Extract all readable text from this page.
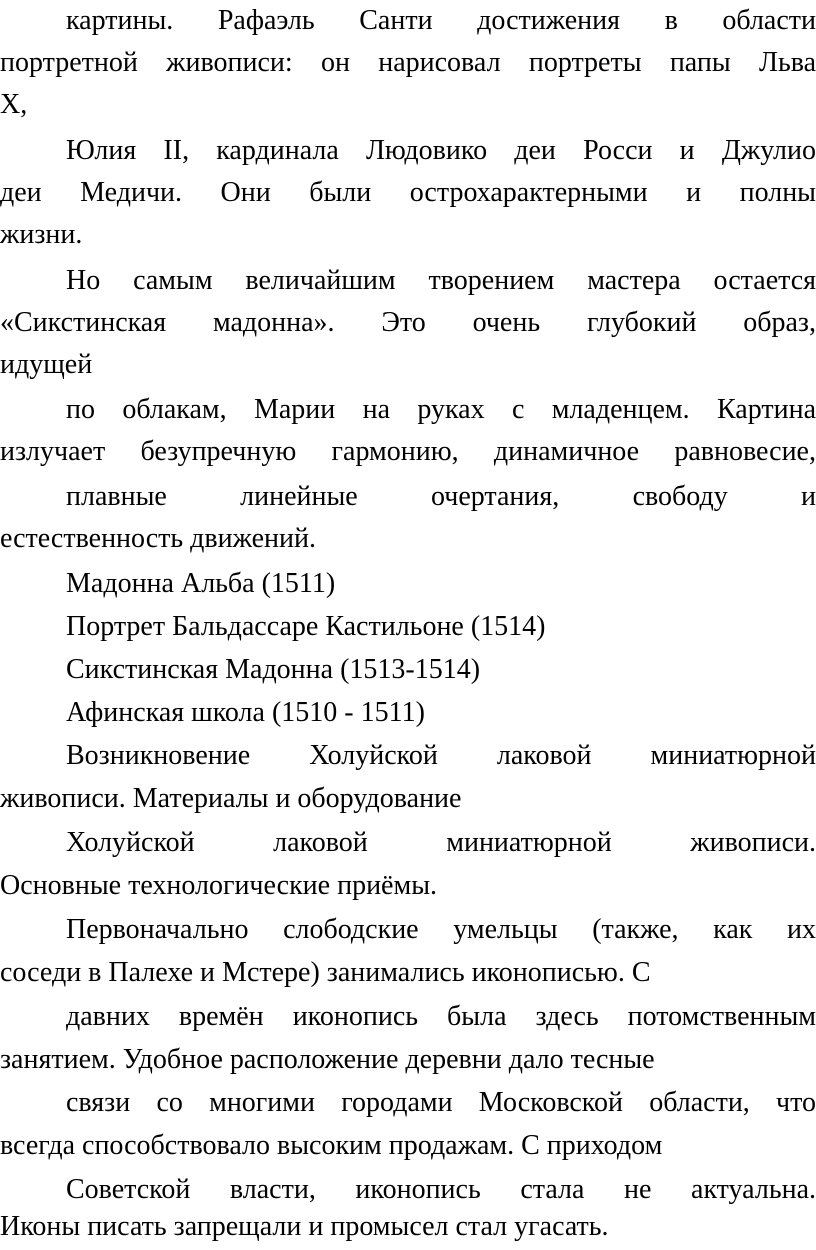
картины. Рафаэль Санти достижения в области
портретной живописи: он нарисовал портреты папы Льва
X,
Юлия II, кардинала Людовико деи Росси и Джулио
деи Медичи. Они были острохарактерными и полны
жизни.
Но самым величайшим творением мастера остается
«Сикстинская мадонна». Это очень глубокий образ,
идущей
по облакам, Марии на руках с младенцем. Картина
излучает безупречную гармонию, динамичное равновесие,
плавные линейные очертания, свободу и
естественность движений.
Мадонна Альба (1511)
Портрет Бальдассаре Кастильоне (1514)
Сикстинская Мадонна (1513-1514)
Афинская школа (1510 - 1511)
Возникновение Холуйской лаковой миниатюрной
живописи. Материалы и оборудование
Холуйской лаковой миниатюрной живописи.
Основные технологические приёмы.
Первоначально слободские умельцы (также, как их
соседи в Палехе и Мстере) занимались иконописью. С
давних времён иконопись была здесь потомственным
занятием. Удобное расположение деревни дало тесные
связи со многими городами Московской области, что
всегда способствовало высоким продажам. С приходом
Советской власти, иконопись стала не актуальна.
Иконы писать запрещали и промысел стал угасать.
